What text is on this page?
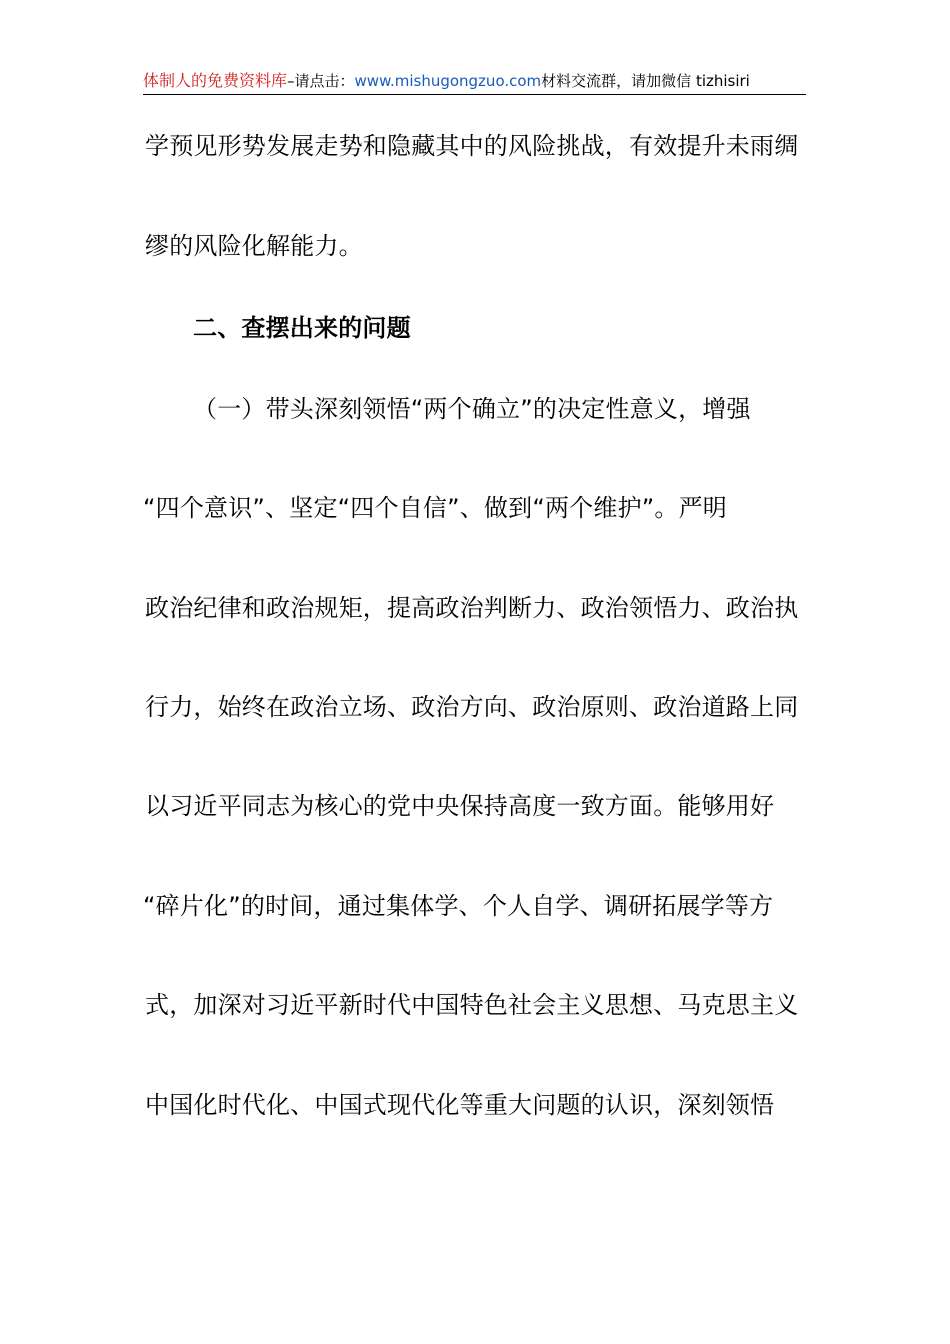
体制人的免费资料库–请点击：www.mishugongzuo.com材料交流群，请加微信 tizhisiri
学预见形势发展走势和隐藏其中的风险挑战，有效提升未雨绸
缪的风险化解能力。
二、查摆出来的问题
（一）带头深刻领悟“两个确立”的决定性意义，增强
“四个意识”、坚定“四个自信”、做到“两个维护”。严明
政治纪律和政治规矩，提高政治判断力、政治领悟力、政治执
行力，始终在政治立场、政治方向、政治原则、政治道路上同
以习近平同志为核心的党中央保持高度一致方面。能够用好
“碎片化”的时间，通过集体学、个人自学、调研拓展学等方
式，加深对习近平新时代中国特色社会主义思想、马克思主义
中国化时代化、中国式现代化等重大问题的认识，深刻领悟
